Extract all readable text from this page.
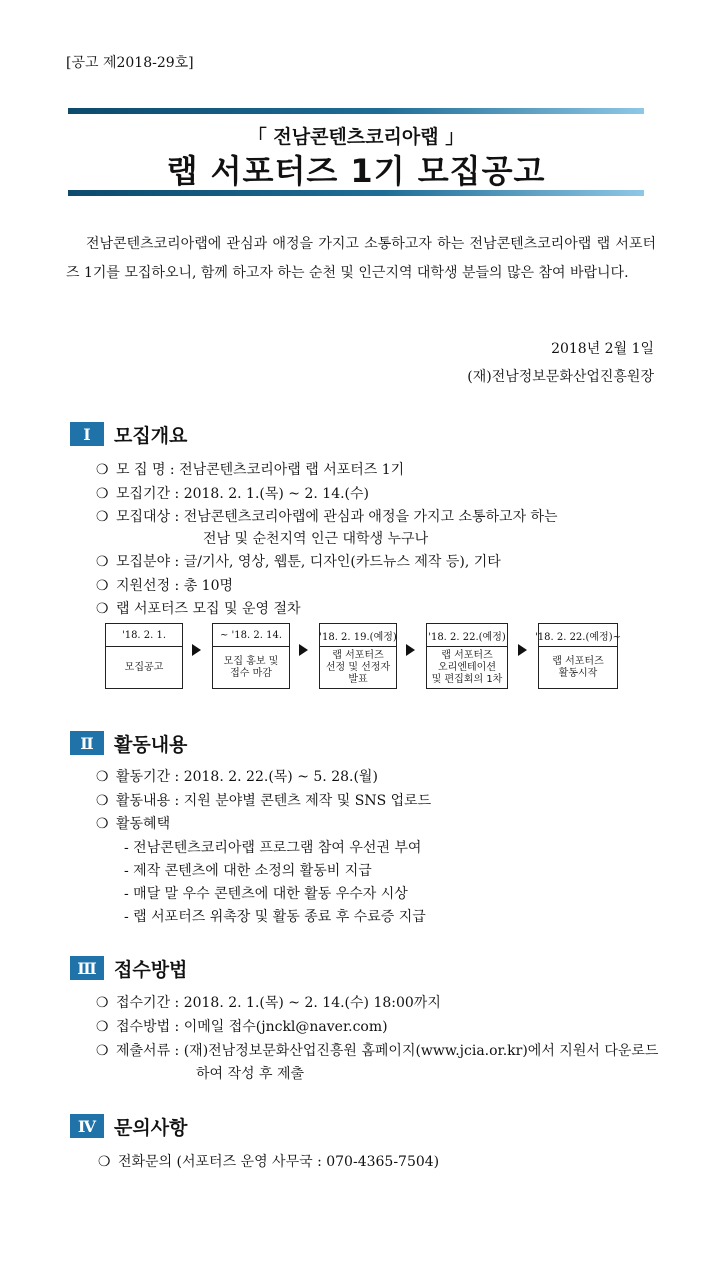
[공고 제2018-29호]
「 전남콘텐츠코리아랩 」
랩 서포터즈 1기 모집공고
전남콘텐츠코리아랩에 관심과 애정을 가지고 소통하고자 하는 전남콘텐츠코리아랩 랩 서포터즈 1기를 모집하오니, 함께 하고자 하는 순천 및 인근지역 대학생 분들의 많은 참여 바랍니다.
2018년 2월 1일
(재)전남정보문화산업진흥원장
Ⅰ	모집개요
❍ 모 집 명 : 전남콘텐츠코리아랩 랩 서포터즈 1기
❍ 모집기간 : 2018. 2. 1.(목) ~ 2. 14.(수)
❍ 모집대상 : 전남콘텐츠코리아랩에 관심과 애정을 가지고 소통하고자 하는
전남 및 순천지역 인근 대학생 누구나
❍ 모집분야 : 글/기사, 영상, 웹툰, 디자인(카드뉴스 제작 등), 기타
❍ 지원선정 : 총 10명
❍ 랩 서포터즈 모집 및 운영 절차
'18. 2. 1.
모집공고
~ '18. 2. 14.
모집 홍보 및
접수 마감
'18. 2. 19.(예정)
랩 서포터즈
선정 및 선정자
발표
'18. 2. 22.(예정)
랩 서포터즈
오리엔테이션
및 편집회의 1차
'18. 2. 22.(예정)~
랩 서포터즈
활동시작
Ⅱ	활동내용
❍ 활동기간 : 2018. 2. 22.(목) ~ 5. 28.(월)
❍ 활동내용 : 지원 분야별 콘텐츠 제작 및 SNS 업로드
❍ 활동혜택
- 전남콘텐츠코리아랩 프로그램 참여 우선권 부여
- 제작 콘텐츠에 대한 소정의 활동비 지급
- 매달 말 우수 콘텐츠에 대한 활동 우수자 시상
- 랩 서포터즈 위촉장 및 활동 종료 후 수료증 지급
Ⅲ 접수방법
❍ 접수기간 : 2018. 2. 1.(목) ~ 2. 14.(수) 18:00까지
❍ 접수방법 : 이메일 접수(jnckl@naver.com)
❍ 제출서류 : (재)전남정보문화산업진흥원 홈페이지(www.jcia.or.kr)에서 지원서 다운로드
하여 작성 후 제출
Ⅳ 문의사항
❍ 전화문의 (서포터즈 운영 사무국 : 070-4365-7504)
